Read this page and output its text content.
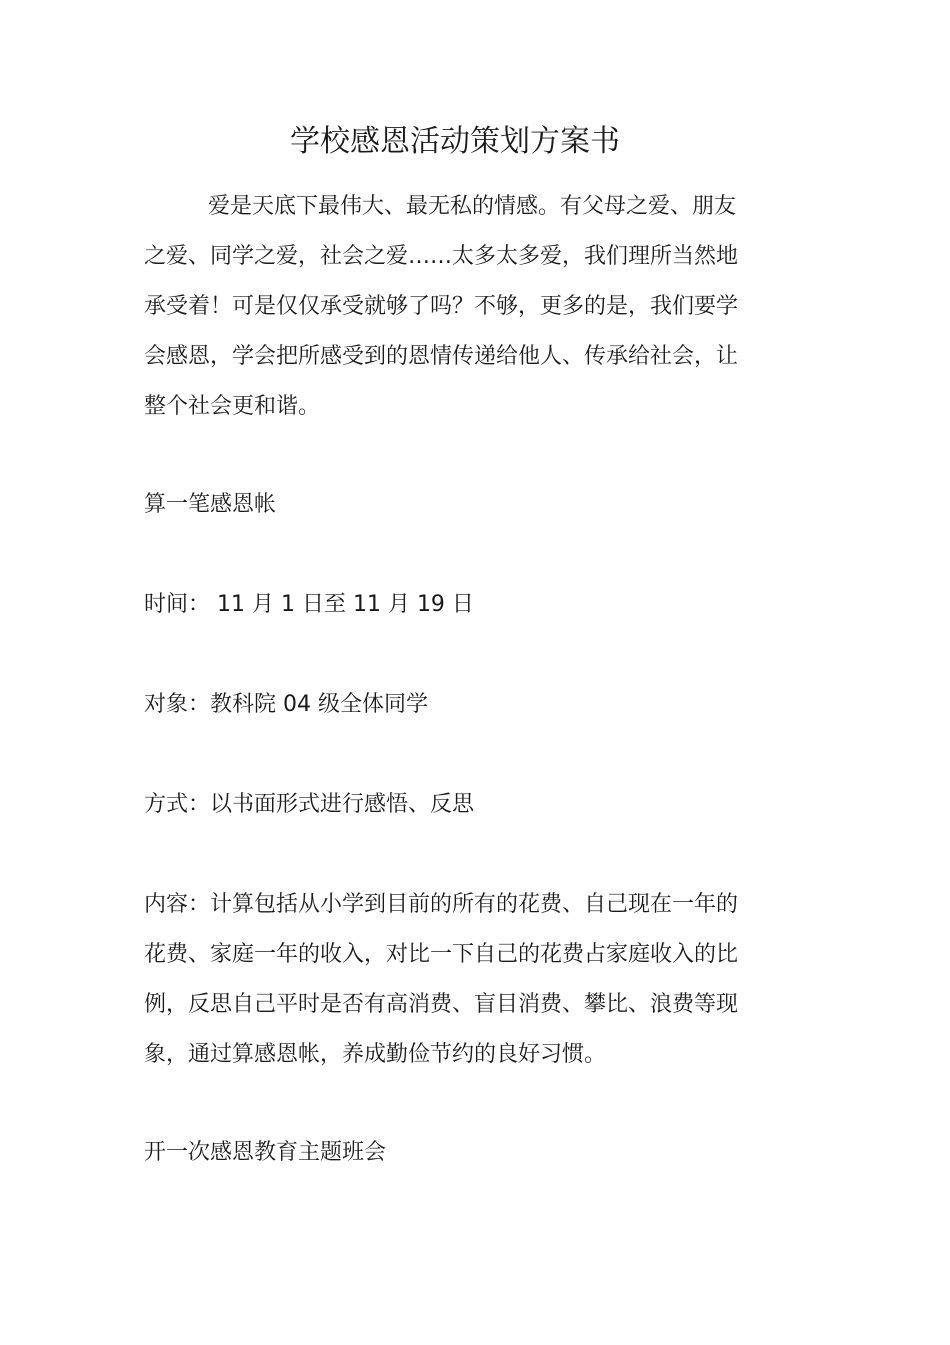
学校感恩活动策划方案书

爱是天底下最伟大、最无私的情感。有父母之爱、朋友之爱、同学之爱，社会之爱……太多太多爱，我们理所当然地承受着！可是仅仅承受就够了吗？不够，更多的是，我们要学会感恩，学会把所感受到的恩情传递给他人、传承给社会，让整个社会更和谐。

算一笔感恩帐

时间： 11 月 1 日至 11 月 19 日

对象：教科院 04 级全体同学

方式：以书面形式进行感悟、反思

内容：计算包括从小学到目前的所有的花费、自己现在一年的花费、家庭一年的收入，对比一下自己的花费占家庭收入的比例，反思自己平时是否有高消费、盲目消费、攀比、浪费等现象，通过算感恩帐，养成勤俭节约的良好习惯。

开一次感恩教育主题班会
